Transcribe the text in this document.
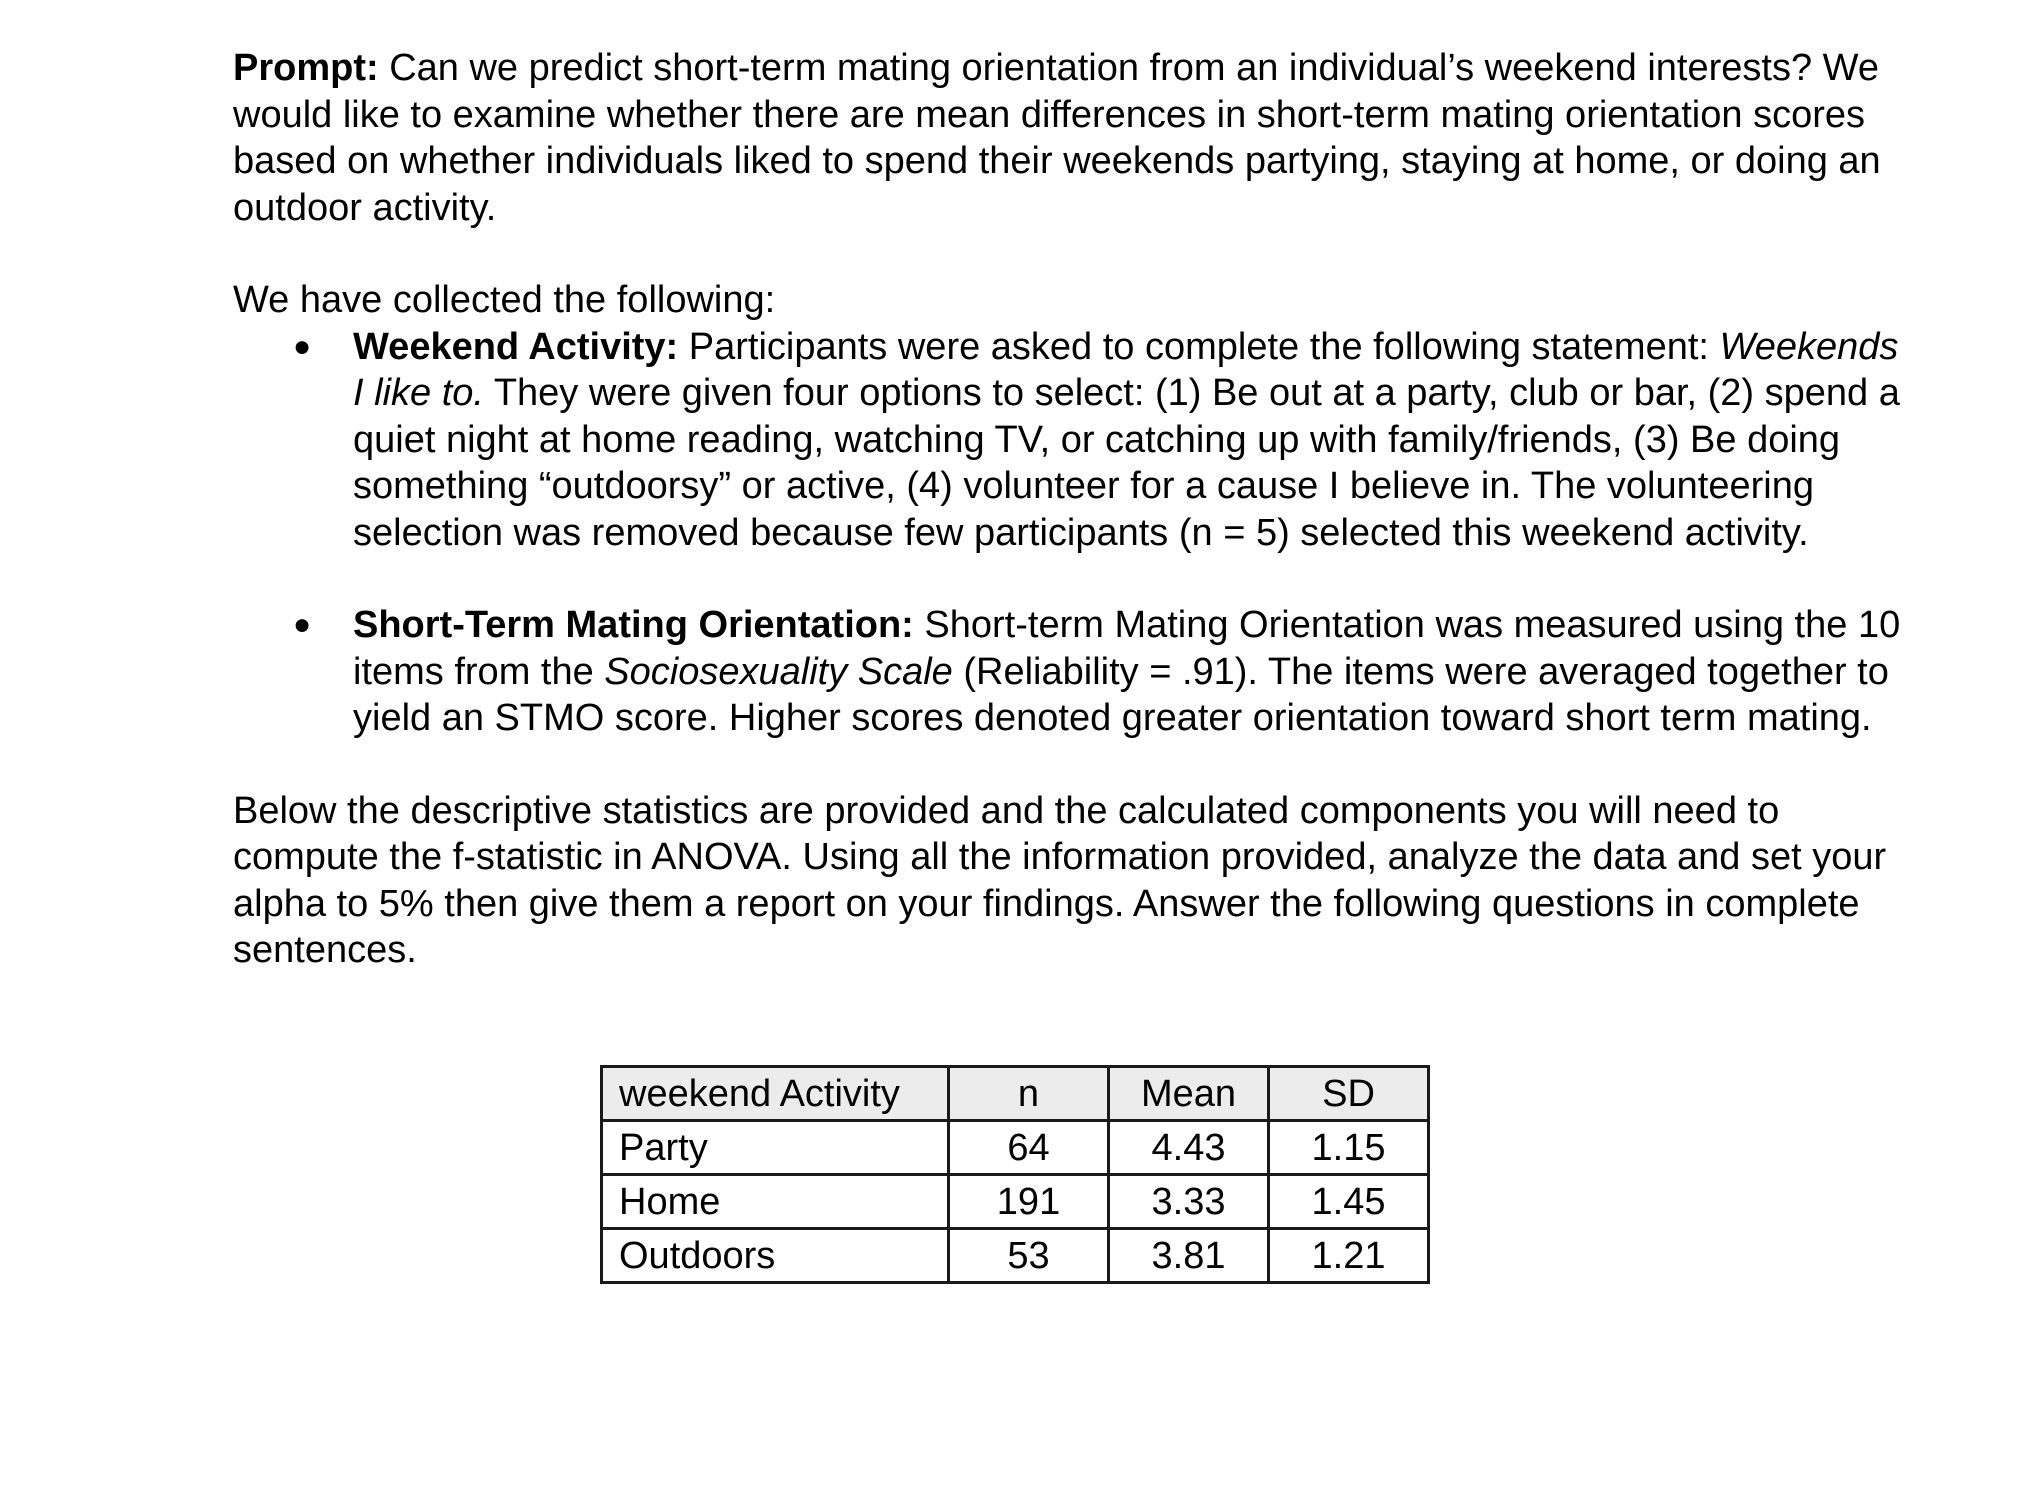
Prompt: Can we predict short-term mating orientation from an individual’s weekend interests? We would like to examine whether there are mean differences in short-term mating orientation scores based on whether individuals liked to spend their weekends partying, staying at home, or doing an outdoor activity.

We have collected the following:

● Weekend Activity: Participants were asked to complete the following statement: Weekends I like to. They were given four options to select: (1) Be out at a party, club or bar, (2) spend a quiet night at home reading, watching TV, or catching up with family/friends, (3) Be doing something “outdoorsy” or active, (4) volunteer for a cause I believe in. The volunteering selection was removed because few participants (n = 5) selected this weekend activity.
● Short-Term Mating Orientation: Short-term Mating Orientation was measured using the 10 items from the Sociosexuality Scale (Reliability = .91). The items were averaged together to yield an STMO score. Higher scores denoted greater orientation toward short term mating.

Below the descriptive statistics are provided and the calculated components you will need to compute the f-statistic in ANOVA. Using all the information provided, analyze the data and set your alpha to 5% then give them a report on your findings. Answer the following questions in complete sentences.

weekend Activity	n	Mean	SD
Party	64	4.43	1.15
Home	191	3.33	1.45
Outdoors	53	3.81	1.21
